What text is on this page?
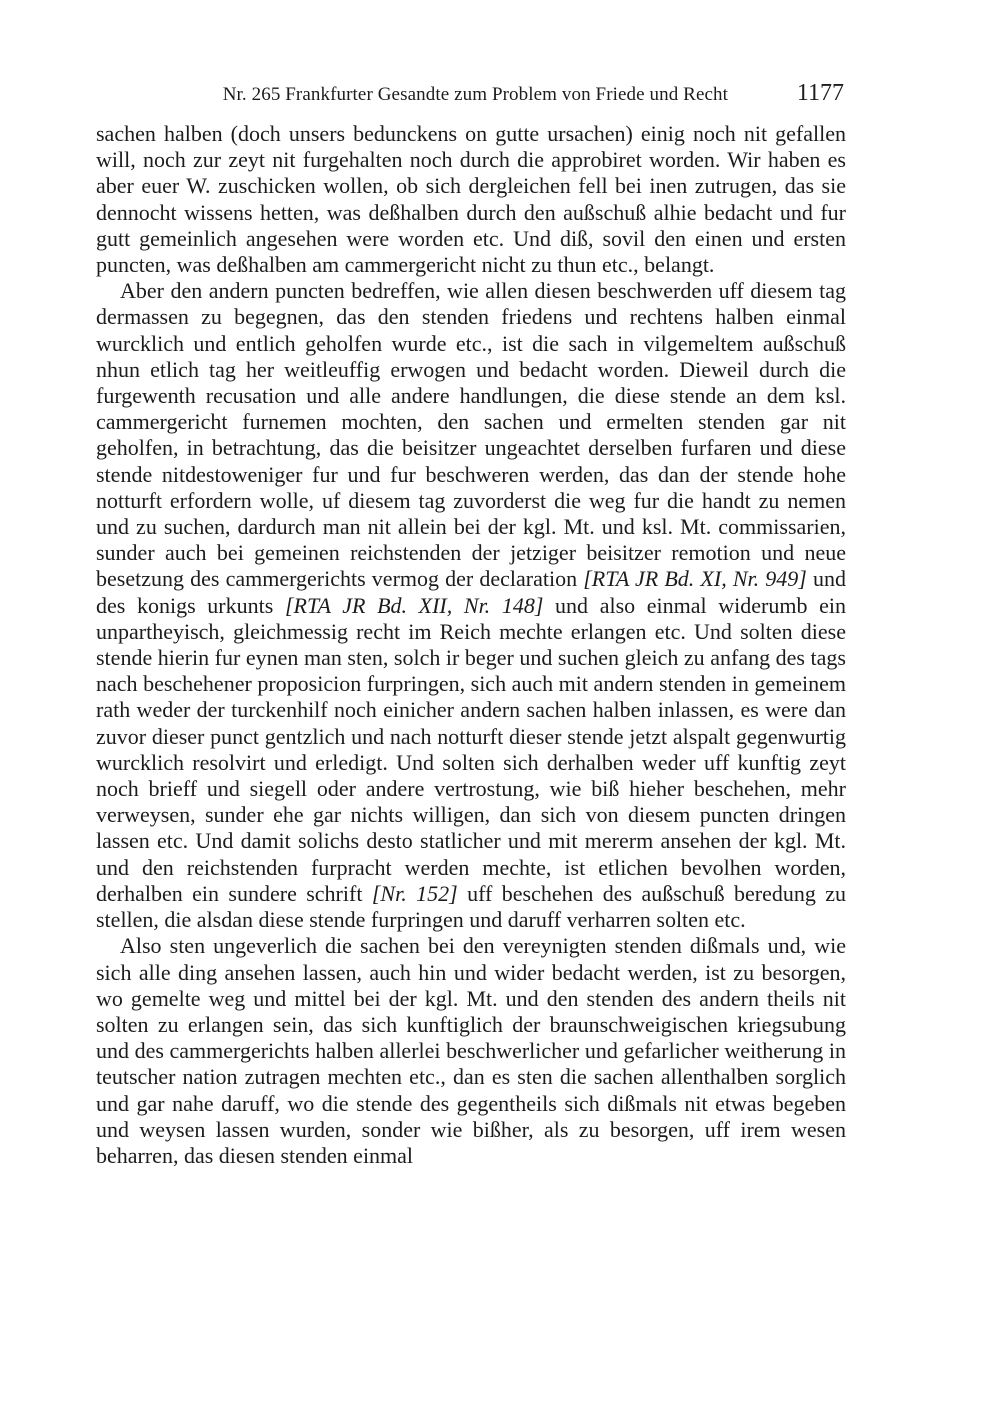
Nr. 265 Frankfurter Gesandte zum Problem von Friede und Recht	1177

sachen halben (doch unsers bedunckens on gutte ursachen) einig noch nit gefallen will, noch zur zeyt nit furgehalten noch durch die approbiret worden. Wir haben es aber euer W. zuschicken wollen, ob sich dergleichen fell bei inen zutrugen, das sie dennocht wissens hetten, was deßhalben durch den außschuß alhie bedacht und fur gutt gemeinlich angesehen were worden etc. Und diß, sovil den einen und ersten puncten, was deßhalben am cammergericht nicht zu thun etc., belangt.

Aber den andern puncten bedreffen, wie allen diesen beschwerden uff diesem tag dermassen zu begegnen, das den stenden friedens und rechtens halben einmal wurcklich und entlich geholfen wurde etc., ist die sach in vilgemeltem außschuß nhun etlich tag her weitleuffig erwogen und bedacht worden. Dieweil durch die furgewenth recusation und alle andere handlungen, die diese stende an dem ksl. cammergericht furnemen mochten, den sachen und ermelten stenden gar nit geholfen, in betrachtung, das die beisitzer ungeachtet derselben furfaren und diese stende nitdestoweniger fur und fur beschweren werden, das dan der stende hohe notturft erfordern wolle, uf diesem tag zuvorderst die weg fur die handt zu nemen und zu suchen, dardurch man nit allein bei der kgl. Mt. und ksl. Mt. commissarien, sunder auch bei gemeinen reichstenden der jetziger beisitzer remotion und neue besetzung des cammergerichts vermog der declaration [RTA JR Bd. XI, Nr. 949] und des konigs urkunts [RTA JR Bd. XII, Nr. 148] und also einmal widerumb ein unpartheyisch, gleichmessig recht im Reich mechte erlangen etc. Und solten diese stende hierin fur eynen man sten, solch ir beger und suchen gleich zu anfang des tags nach beschehener proposicion furpringen, sich auch mit andern stenden in gemeinem rath weder der turckenhilf noch einicher andern sachen halben inlassen, es were dan zuvor dieser punct gentzlich und nach notturft dieser stende jetzt alspalt gegenwurtig wurcklich resolvirt und erledigt. Und solten sich derhalben weder uff kunftig zeyt noch brieff und siegell oder andere vertrostung, wie biß hieher beschehen, mehr verweysen, sunder ehe gar nichts willigen, dan sich von diesem puncten dringen lassen etc. Und damit solichs desto statlicher und mit mererm ansehen der kgl. Mt. und den reichstenden furpracht werden mechte, ist etlichen bevolhen worden, derhalben ein sundere schrift [Nr. 152] uff beschehen des außschuß beredung zu stellen, die alsdan diese stende furpringen und daruff verharren solten etc.

Also sten ungeverlich die sachen bei den vereynigten stenden dißmals und, wie sich alle ding ansehen lassen, auch hin und wider bedacht werden, ist zu besorgen, wo gemelte weg und mittel bei der kgl. Mt. und den stenden des andern theils nit solten zu erlangen sein, das sich kunftiglich der braunschweigischen kriegsubung und des cammergerichts halben allerlei beschwerlicher und gefarlicher weitherung in teutscher nation zutragen mechten etc., dan es sten die sachen allenthalben sorglich und gar nahe daruff, wo die stende des gegentheils sich dißmals nit etwas begeben und weysen lassen wurden, sonder wie bißher, als zu besorgen, uff irem wesen beharren, das diesen stenden einmal
